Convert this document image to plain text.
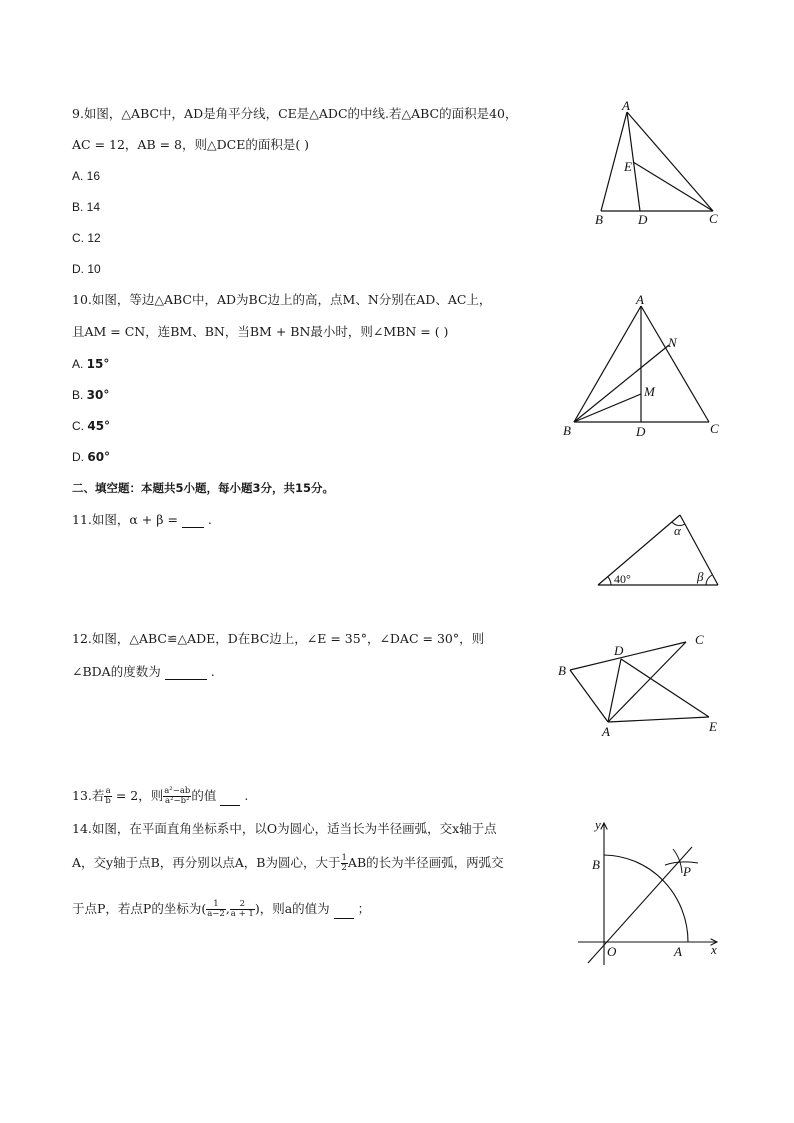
9.如图，△ABC中，AD是角平分线，CE是△ADC的中线.若△ABC的面积是40，
AC = 12，AB = 8，则△DCE的面积是( )
A. 16
B. 14
C. 12
D. 10
A
E
B	D	C
10.如图，等边△ABC中，AD为BC边上的高，点M、N分别在AD、AC上，
且AM = CN，连BM、BN，当BM + BN最小时，则∠MBN = ( )
A. 15°
B. 30°
C. 45°
D. 60°
A
N
M
B	D	C
二、填空题：本题共5小题，每小题3分，共15分。
11.如图，α + β = .
α
40°	β
12.如图，△ABC≌△ADE，D在BC边上，∠E = 35°，∠DAC = 30°，则
∠BDA的度数为	.
D
C
B
A	E
13.若 $\frac{a}{b} = 2$，则 $\frac{\text{a²−ab}}{\text{a²−b²}}$ 的值 .
14.如图，在平面直角坐标系中，以O为圆心，适当长为半径画弧，交x轴于点
A，交y轴于点B，再分别以点A，B为圆心，大于 $\frac{1}{2}$ AB的长为半径画弧，两弧交
于点P，若点P的坐标为( $\frac{1}{a-2}$ , $\frac{2}{a + 1}$ )，则a的值为 ；
y
B	P
O	A x
